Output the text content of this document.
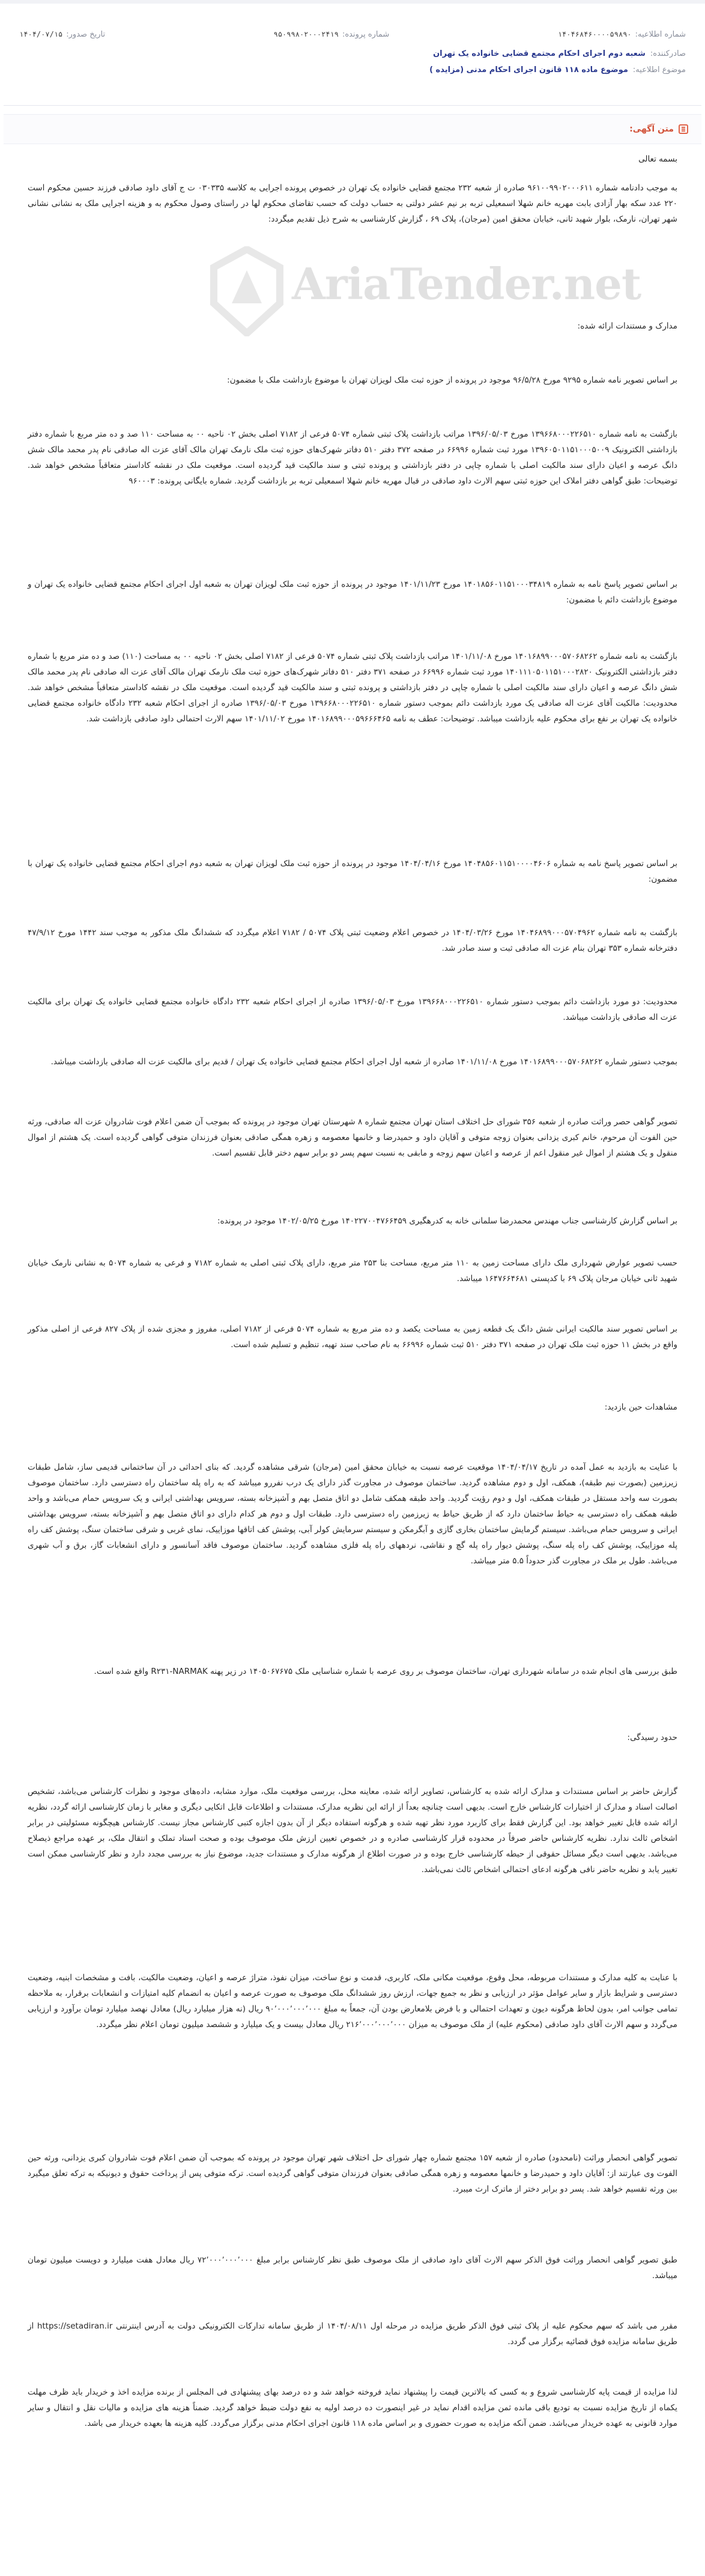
شماره اطلاعیه:
۱۴۰۴۶۸۴۶۰۰۰۰۵۹۸۹۰
شماره پرونده:
۹۵۰۹۹۸۰۲۰۰۰۲۴۱۹
تاریخ صدور:
۱۴۰۴/۰۷/۱۵
صادرکننده:
شعبه دوم اجرای احکام مجتمع قضایی خانواده یک تهران
موضوع اطلاعیه:
موضوع ماده ۱۱۸ قانون اجرای احکام مدنی (مزایده )
متن آگهی:
AriaTender.net

بسمه تعالی

به موجب دادنامه شماره ۹۶۱۰۰۹۹۰۲۰۰۰۶۱۱ صادره از شعبه ۲۳۲ مجتمع قضایی خانواده یک تهران در خصوص پرونده اجرایی به کلاسه ۰۳۰۳۳۵ ت ج آقای داود صادقی فرزند حسین محکوم است ۲۲۰ عدد سکه بهار آزادی بابت مهریه خانم شهلا اسمعیلی تربه بر نیم عشر دولتی به حساب دولت که حسب تقاضای محکوم لها در راستای وصول محکوم به و هزینه اجرایی ملک به نشانی نشانی شهر تهران، نارمک، بلوار شهید ثانی، خیابان محقق امین (مرجان)، پلاک ۶۹ ، گزارش کارشناسی به شرح ذیل تقدیم میگردد:

مدارک و مستندات ارائه شده:

بر اساس تصویر نامه شماره ۹۲۹۵ مورخ ۹۶/۵/۲۸ موجود در پرونده از حوزه ثبت ملک لویزان تهران با موضوع بازداشت ملک با مضمون:

بازگشت به نامه شماره ۱۳۹۶۶۸۰۰۰۲۲۶۵۱۰ مورخ ۱۳۹۶/۰۵/۰۳ مراتب بازداشت پلاک ثبتی شماره ۵۰۷۴ فرعی از ۷۱۸۲ اصلی بخش ۰۲ ناحیه ۰۰ به مساحت ۱۱۰ صد و ده متر مربع با شماره دفتر بازداشتی الکترونیک ۱۳۹۶۰۵۰۱۱۵۱۰۰۰۵۰۰۹ مورد ثبت شماره ۶۶۹۹۶ در صفحه ۳۷۲ دفتر ۵۱۰ دفاتر شهرک‌های حوزه ثبت ملک نارمک تهران مالک آقای عزت اله صادقی نام پدر محمد مالک شش دانگ عرصه و اعیان دارای سند مالکیت اصلی با شماره چاپی در دفتر بازداشتی و پرونده ثبتی و سند مالکیت قید گردیده است. موقعیت ملک در نقشه کاداستر متعاقباً مشخص خواهد شد. توضیحات: طبق گواهی دفتر املاک این حوزه ثبتی سهم الارث داود صادقی در قبال مهریه خانم شهلا اسمعیلی تربه بر بازداشت گردید. شماره بایگانی پرونده: ۹۶۰۰۰۳

بر اساس تصویر پاسخ نامه به شماره ۱۴۰۱۸۵۶۰۱۱۵۱۰۰۰۳۴۸۱۹ مورخ ۱۴۰۱/۱۱/۲۳ موجود در پرونده از حوزه ثبت ملک لویزان تهران به شعبه اول اجرای احکام مجتمع قضایی خانواده یک تهران و موضوع بازداشت دائم با مضمون:

بازگشت به نامه شماره ۱۴۰۱۶۸۹۹۰۰۰۵۷۰۶۸۲۶۲ مورخ ۱۴۰۱/۱۱/۰۸ مراتب بازداشت پلاک ثبتی شماره ۵۰۷۴ فرعی از ۷۱۸۲ اصلی بخش ۰۲ ناحیه ۰۰ به مساحت (۱۱۰) صد و ده متر مربع با شماره دفتر بازداشتی الکترونیک ۱۴۰۱۱۱۰۵۰۱۱۵۱۰۰۰۲۸۲۰ مورد ثبت شماره ۶۶۹۹۶ در صفحه ۳۷۱ دفتر ۵۱۰ دفاتر شهرک‌های حوزه ثبت ملک نارمک تهران مالک آقای عزت اله صادقی نام پدر محمد مالک شش دانگ عرصه و اعیان دارای سند مالکیت اصلی با شماره چاپی در دفتر بازداشتی و پرونده ثبتی و سند مالکیت قید گردیده است. موقعیت ملک در نقشه کاداستر متعاقباً مشخص خواهد شد. محدودیت: مالکیت آقای عزت اله صادقی یک مورد بازداشت دائم بموجب دستور شماره ۱۳۹۶۶۸۰۰۰۲۲۶۵۱۰ مورخ ۱۳۹۶/۰۵/۰۳ صادره از اجرای احکام شعبه ۲۳۲ دادگاه خانواده مجتمع قضایی خانواده یک تهران بر نفع برای محکوم علیه بازداشت میباشد. توضیحات: عطف به نامه ۱۴۰۱۶۸۹۹۰۰۰۵۹۶۶۶۴۶۵ مورخ ۱۴۰۱/۱۱/۰۲ سهم الارث احتمالی داود صادقی بازداشت شد.

بر اساس تصویر پاسخ نامه به شماره ۱۴۰۴۸۵۶۰۱۱۵۱۰۰۰۰۴۶۰۶ مورخ ۱۴۰۴/۰۴/۱۶ موجود در پرونده از حوزه ثبت ملک لویزان تهران به شعبه دوم اجرای احکام مجتمع قضایی خانواده یک تهران با مضمون:

بازگشت به نامه شماره ۱۴۰۴۶۸۹۹۰۰۰۵۷۰۴۹۶۲ مورخ ۱۴۰۴/۰۳/۲۶ در خصوص اعلام وضعیت ثبتی پلاک ۵۰۷۴ / ۷۱۸۲ اعلام میگردد که ششدانگ ملک مذکور به موجب سند ۱۴۴۲ مورخ ۴۷/۹/۱۲ دفترخانه شماره ۳۵۳ تهران بنام عزت اله صادقی ثبت و سند صادر شد.

محدودیت: دو مورد بازداشت دائم بموجب دستور شماره ۱۳۹۶۶۸۰۰۰۲۲۶۵۱۰ مورخ ۱۳۹۶/۰۵/۰۳ صادره از اجرای احکام شعبه ۲۳۲ دادگاه خانواده مجتمع قضایی خانواده یک تهران برای مالکیت عزت اله صادقی بازداشت میباشد.

بموجب دستور شماره ۱۴۰۱۶۸۹۹۰۰۰۵۷۰۶۸۲۶۲ مورخ ۱۴۰۱/۱۱/۰۸ صادره از شعبه اول اجرای احکام مجتمع قضایی خانواده یک تهران / قدیم برای مالکیت عزت اله صادقی بازداشت میباشد.

تصویر گواهی حصر وراثت صادره از شعبه ۳۵۶ شورای حل اختلاف استان تهران مجتمع شماره ۸ شهرستان تهران موجود در پرونده که بموجب آن ضمن اعلام فوت شادروان عزت اله صادقی، ورثه حین الفوت آن مرحوم، خانم کبری یزدانی بعنوان زوجه متوفی و آقایان داود و حمیدرضا و خانمها معصومه و زهره همگی صادقی بعنوان فرزندان متوفی گواهی گردیده است. یک هشتم از اموال منقول و یک هشتم از اموال غیر منقول اعم از عرصه و اعیان سهم زوجه و مابقی به نسبت سهم پسر دو برابر سهم دختر قابل تقسیم است.

بر اساس گزارش کارشناسی جناب مهندس محمدرضا سلمانی خانه به کدرهگیری ۱۴۰۲۲۷۰۰۴۷۶۶۴۵۹ مورخ ۱۴۰۲/۰۵/۲۵ موجود در پرونده:

حسب تصویر عوارض شهرداری ملک دارای مساحت زمین به ۱۱۰ متر مربع، مساحت بنا ۲۵۳ متر مربع، دارای پلاک ثبتی اصلی به شماره ۷۱۸۲ و فرعی به شماره ۵۰۷۴ به نشانی نارمک خیابان شهید ثانی خیابان مرجان پلاک ۶۹ با کدپستی ۱۶۴۷۶۶۴۶۸۱ میباشد.

بر اساس تصویر سند مالکیت ایرانی شش دانگ یک قطعه زمین به مساحت یکصد و ده متر مربع به شماره ۵۰۷۴ فرعی از ۷۱۸۲ اصلی، مفروز و مجزی شده از پلاک ۸۲۷ فرعی از اصلی مذکور واقع در بخش ۱۱ حوزه ثبت ملک تهران در صفحه ۳۷۱ دفتر ۵۱۰ ثبت شماره ۶۶۹۹۶ به نام صاحب سند تهیه، تنظیم و تسلیم شده است.

مشاهدات حین بازدید:

با عنایت به بازدید به عمل آمده در تاریخ ۱۴۰۴/۰۴/۱۷ موقعیت عرصه نسبت به خیابان محقق امین (مرجان) شرقی مشاهده گردید. که بنای احداثی در آن ساختمانی قدیمی ساز، شامل طبقات زیرزمین (بصورت نیم طبقه)، همکف، اول و دوم مشاهده گردید. ساختمان موصوف در مجاورت گذر دارای یک درب نفررو میباشد که به راه پله ساختمان راه دسترسی دارد. ساختمان موصوف بصورت سه واحد مستقل در طبقات همکف، اول و دوم رؤیت گردید. واحد طبقه همکف شامل دو اتاق متصل بهم و آشپزخانه بسته، سرویس بهداشتی ایرانی و یک سرویس حمام می‌باشد و واحد طبقه همکف راه دسترسی به حیاط ساختمان دارد که از طریق حیاط به زیرزمین راه دسترسی دارد. طبقات اول و دوم هر کدام دارای دو اتاق متصل بهم و آشپزخانه بسته، سرویس بهداشتی ایرانی و سرویس حمام می‌باشد. سیستم گرمایش ساختمان بخاری گازی و آبگرمکن و سیستم سرمایش کولر آبی، پوشش کف اتاقها موزاییک، نمای غربی و شرقی ساختمان سنگ، پوشش کف راه پله موزاییک، پوشش کف راه پله سنگ، پوشش دیوار راه پله گچ و نقاشی، نردههای راه پله فلزی مشاهده گردید. ساختمان موصوف فاقد آسانسور و دارای انشعابات گاز، برق و آب شهری می‌باشد. طول بر ملک در مجاورت گذر حدوداً ۵.۵ متر میباشد.

طبق بررسی های انجام شده در سامانه شهرداری تهران، ساختمان موصوف بر روی عرصه با شماره شناسایی ملک ۱۴۰۵۰۶۷۶۷۵ در زیر پهنه R۲۳۱-NARMAK واقع شده است.

حدود رسیدگی:

گزارش حاضر بر اساس مستندات و مدارک ارائه شده به کارشناس، تصاویر ارائه شده، معاینه محل، بررسی موقعیت ملک، موارد مشابه، داده‌های موجود و نظرات کارشناس می‌باشد، تشخیص اصالت اسناد و مدارک از اختیارات کارشناس خارج است. بدیهی است چنانچه بعداً از ارائه این نظریه مدارک، مستندات و اطلاعات قابل اتکایی دیگری و مغایر با زمان کارشناسی ارائه گردد، نظریه ارائه شده قابل تغییر خواهد بود. این گزارش فقط برای کاربرد مورد نظر تهیه شده و هرگونه استفاده دیگر از آن بدون اجازه کتبی کارشناس مجاز نیست. کارشناس هیچگونه مسئولیتی در برابر اشخاص ثالث ندارد. نظریه کارشناس حاضر صرفاً در محدوده قرار کارشناسی صادره و در خصوص تعیین ارزش ملک موصوف بوده و صحت اسناد تملک و انتقال ملک، بر عهده مراجع ذیصلاح می‌باشد. بدیهی است دیگر مسائل حقوقی از حیطه کارشناسی خارج بوده و در صورت اطلاع از هرگونه مدارک و مستندات جدید، موضوع نیاز به بررسی مجدد دارد و نظر کارشناسی ممکن است تغییر یابد و نظریه حاضر نافی هرگونه ادعای احتمالی اشخاص ثالث نمی‌باشد.

با عنایت به کلیه مدارک و مستندات مربوطه، محل وقوع، موقعیت مکانی ملک، کاربری، قدمت و نوع ساخت، میزان نفوذ، متراژ عرصه و اعیان، وضعیت مالکیت، بافت و مشخصات ابنیه، وضعیت دسترسی و شرایط بازار و سایر عوامل مؤثر در ارزیابی و نظر به جمیع جهات، ارزش روز ششدانگ ملک موصوف به صورت عرصه و اعیان به انضمام کلیه امتیازات و انشعابات برقرار، به ملاحظه تمامی جوانب امر، بدون لحاظ هرگونه دیون و تعهدات احتمالی و با فرض بلامعارض بودن آن، جمعاً به مبلغ ۹۰٬۰۰۰٬۰۰۰٬۰۰۰ ریال (نه هزار میلیارد ریال) معادل نهصد میلیارد تومان برآورد و ارزیابی می‌گردد و سهم الارث آقای داود صادقی (محکوم علیه) از ملک موصوف به میزان ۲۱۶٬۰۰۰٬۰۰۰٬۰۰۰ ریال معادل بیست و یک میلیارد و ششصد میلیون تومان اعلام نظر میگردد.

تصویر گواهی انحصار وراثت (نامحدود) صادره از شعبه ۱۵۷ مجتمع شماره چهار شورای حل اختلاف شهر تهران موجود در پرونده که بموجب آن ضمن اعلام فوت شادروان کبری یزدانی، ورثه حین الفوت وی عبارتند از: آقایان داود و حمیدرضا و خانمها معصومه و زهره همگی صادقی بعنوان فرزندان متوفی گواهی گردیده است. ترکه متوفی پس از پرداخت حقوق و دیونیکه به ترکه تعلق میگیرد بین ورثه تقسیم خواهد شد. پسر دو برابر دختر از ماترک ارث میبرد.

طبق تصویر گواهی انحصار وراثت فوق الذکر سهم الارث آقای داود صادقی از ملک موصوف طبق نظر کارشناس برابر مبلغ ۷۲٬۰۰۰٬۰۰۰٬۰۰۰ ریال معادل هفت میلیارد و دویست میلیون تومان میباشد.

مقرر می باشد که سهم محکوم علیه از پلاک ثبتی فوق الذکر طریق مزایده در مرحله اول ۱۴۰۴/۰۸/۱۱ از طریق سامانه تدارکات الکترونیکی دولت به آدرس اینترنتی https://setadiran.ir از طریق سامانه مزایده فوق قضائیه برگزار می گردد.

لذا مزایده از قیمت پایه کارشناسی شروع و به کسی که بالاترین قیمت را پیشنهاد نماید فروخته خواهد شد و ده درصد بهای پیشنهادی فی المجلس از برنده مزایده اخذ و خریدار باید ظرف مهلت یکماه از تاریخ مزایده نسبت به تودیع باقی مانده ثمن مزایده اقدام نماید در غیر اینصورت ده درصد اولیه به نفع دولت ضبط خواهد گردید. ضمناً هزینه های مزایده و مالیات نقل و انتقال و سایر موارد قانونی به عهده خریدار می‌باشد. ضمن آنکه مزایده به صورت حضوری و بر اساس ماده ۱۱۸ قانون اجرای احکام مدنی برگزار می‌گردد. کلیه هزینه ها بعهده خریدار می باشد.
